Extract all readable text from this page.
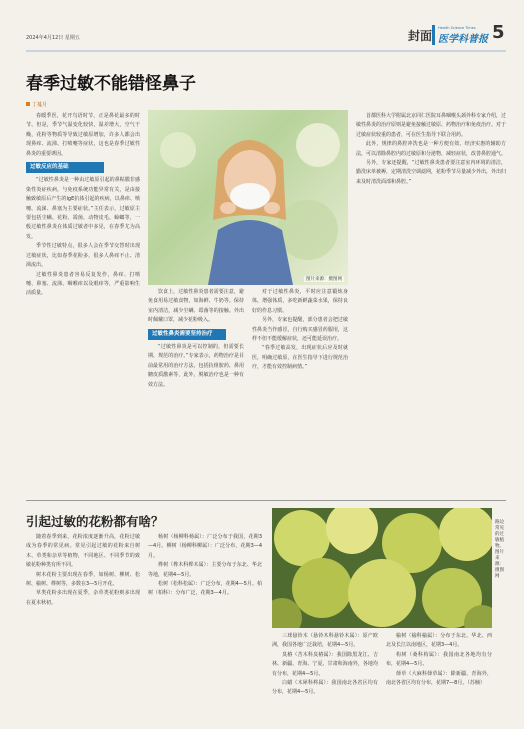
2024年4月12日 星期五	封面
Health Science Times
医学科普报 5
春季过敏不能错怪鼻子
丁蔓月

春暖季医，花开鸟语时节，正是鼻花最多的时节。但是，季节气温变化较快，温差增大，空气干燥，花粉等物质等导致过敏原增加，许多人都会出现鼻痒、流涕、打喷嚏等症状，这也是春季过敏性鼻炎的重要诱因。

过敏反应的基础

“过敏性鼻炎是一种由过敏原引起的鼻粘膜非感染性炎症疾病，与免疫系统功能异常有关，是由接触致敏原后产生的IgE抗体引起的疾病，以鼻痒、喷嚏、流涕、鼻塞为主要症状。”主任表示，过敏原主要包括尘螨、花粉、霉菌、动物皮毛、蟑螂等，一般过敏性鼻炎在体质过敏者中多见，在春季尤为高发。

季节性过敏特点，很多人会在季节交替时出现过敏症状，比如春季花粉多，很多人鼻痒不止、清涕流出。

过敏性鼻炎患者容易反复发作，鼻痒、打喷嚏、鼻塞、流涕、咽喉痒以及眼痒等，严重影响生活质量。

图片来源：摄图网

饮食上，过敏性鼻炎患者需要注意，避免食用易过敏食物，如海鲜、牛奶等。保持室内清洁，减少尘螨、霉菌等的接触。外出时佩戴口罩，减少花粉吸入。

过敏性鼻炎需要坚持治疗

“过敏性鼻炎是可以控制的，但需要长期、规范的治疗。”专家表示，药物治疗是目前最常用的治疗方法，包括抗组胺药、鼻用糖皮质激素等，此外，脱敏治疗也是一种有效方法。

对于过敏性鼻炎，平时应注意锻炼身体，增强体质，多吃新鲜蔬菜水果，保持良好的作息习惯。

另外，专家也提醒，部分患者会把过敏性鼻炎当作感冒，自行购买感冒药服用，这样不但不能缓解症状，还可能延误治疗。

“春季过敏高发，出现症状后应及时就医，明确过敏原，在医生指导下进行规范治疗，才能有效控制病情。”

首都医科大学附属北京同仁医院耳鼻咽喉头颈外科专家介绍，过敏性鼻炎的治疗原则是避免接触过敏原、药物治疗和免疫治疗。对于过敏症状较重的患者，可在医生指导下联合用药。

此外，规律的鼻腔冲洗也是一种方便有效、经济实惠的辅助方法，可以清除鼻腔内的过敏原和分泌物，减轻症状，改善鼻腔通气。

另外，专家还提醒，“过敏性鼻炎患者要注意室内环境的清洁，勤洗床单被褥，定期清洗空调滤网，花粉季节尽量减少外出，外出归来及时清洗面部和鼻腔。”

引起过敏的花粉都有啥？

随着春季到来，花粉浓度逐渐升高，花粉过敏成为春季的常见病。常见引起过敏的花粉来自树木、草类和杂草等植物，不同地区、不同季节的致敏花粉种类有所不同。

树木花粉主要出现在春季，如杨树、柳树、松树、榆树、桦树等，多数在3—5月开花。

草类花粉多出现在夏季，杂草类花粉则多出现在夏末秋初。

杨树（杨柳科杨属）：广泛分布于我国，花期3—4月。柳树（杨柳科柳属）：广泛分布，花期3—4月。

桦树（桦木科桦木属）：主要分布于东北、华北等地，花期4—5月。

松树（松科松属）：广泛分布，花期4—5月。柏树（柏科）：分布广泛，花期3—4月。

路边常见的过敏植物。图片来源：摄图网

三球悬铃木（悬铃木科悬铃木属）：原产欧洲，我国各地广泛栽培，花期4—5月。

臭椿（苦木科臭椿属）：我国除黑龙江、吉林、新疆、青海、宁夏、甘肃和海南外，各地均有分布，花期4—5月。

白蜡（木犀科梣属）：我国南北各省区均有分布，花期4—5月。

榆树（榆科榆属）：分布于东北、华北、西北及长江以南地区，花期3—4月。

构树（桑科构属）：我国南北各地均有分布，花期4—5月。

葎草（大麻科葎草属）：除新疆、青海外，南北各省区均有分布，花期7—8月。（苏楠）
